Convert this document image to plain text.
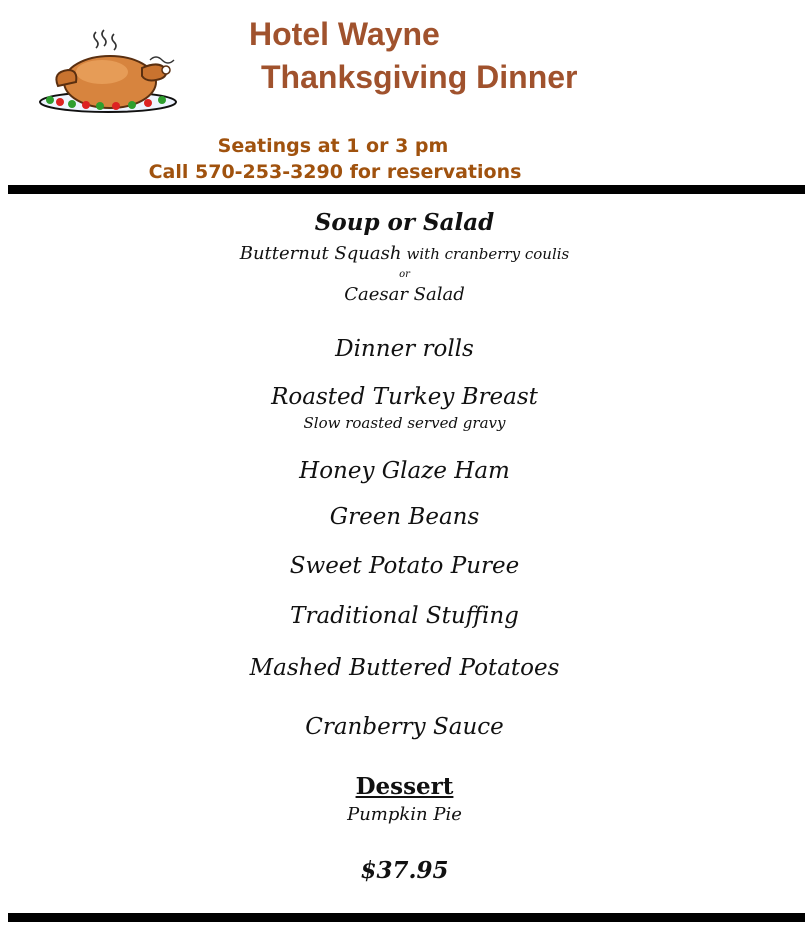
Hotel Wayne
Thanksgiving Dinner
Seatings at 1 or 3 pm
Call 570-253-3290 for reservations
Soup or Salad
Butternut Squash with cranberry coulis
or
Caesar Salad
Dinner rolls
Roasted Turkey Breast
Slow roasted served gravy
Honey Glaze Ham
Green Beans
Sweet Potato Puree
Traditional Stuffing
Mashed Buttered Potatoes
Cranberry Sauce
Dessert
Pumpkin Pie
$37.95
